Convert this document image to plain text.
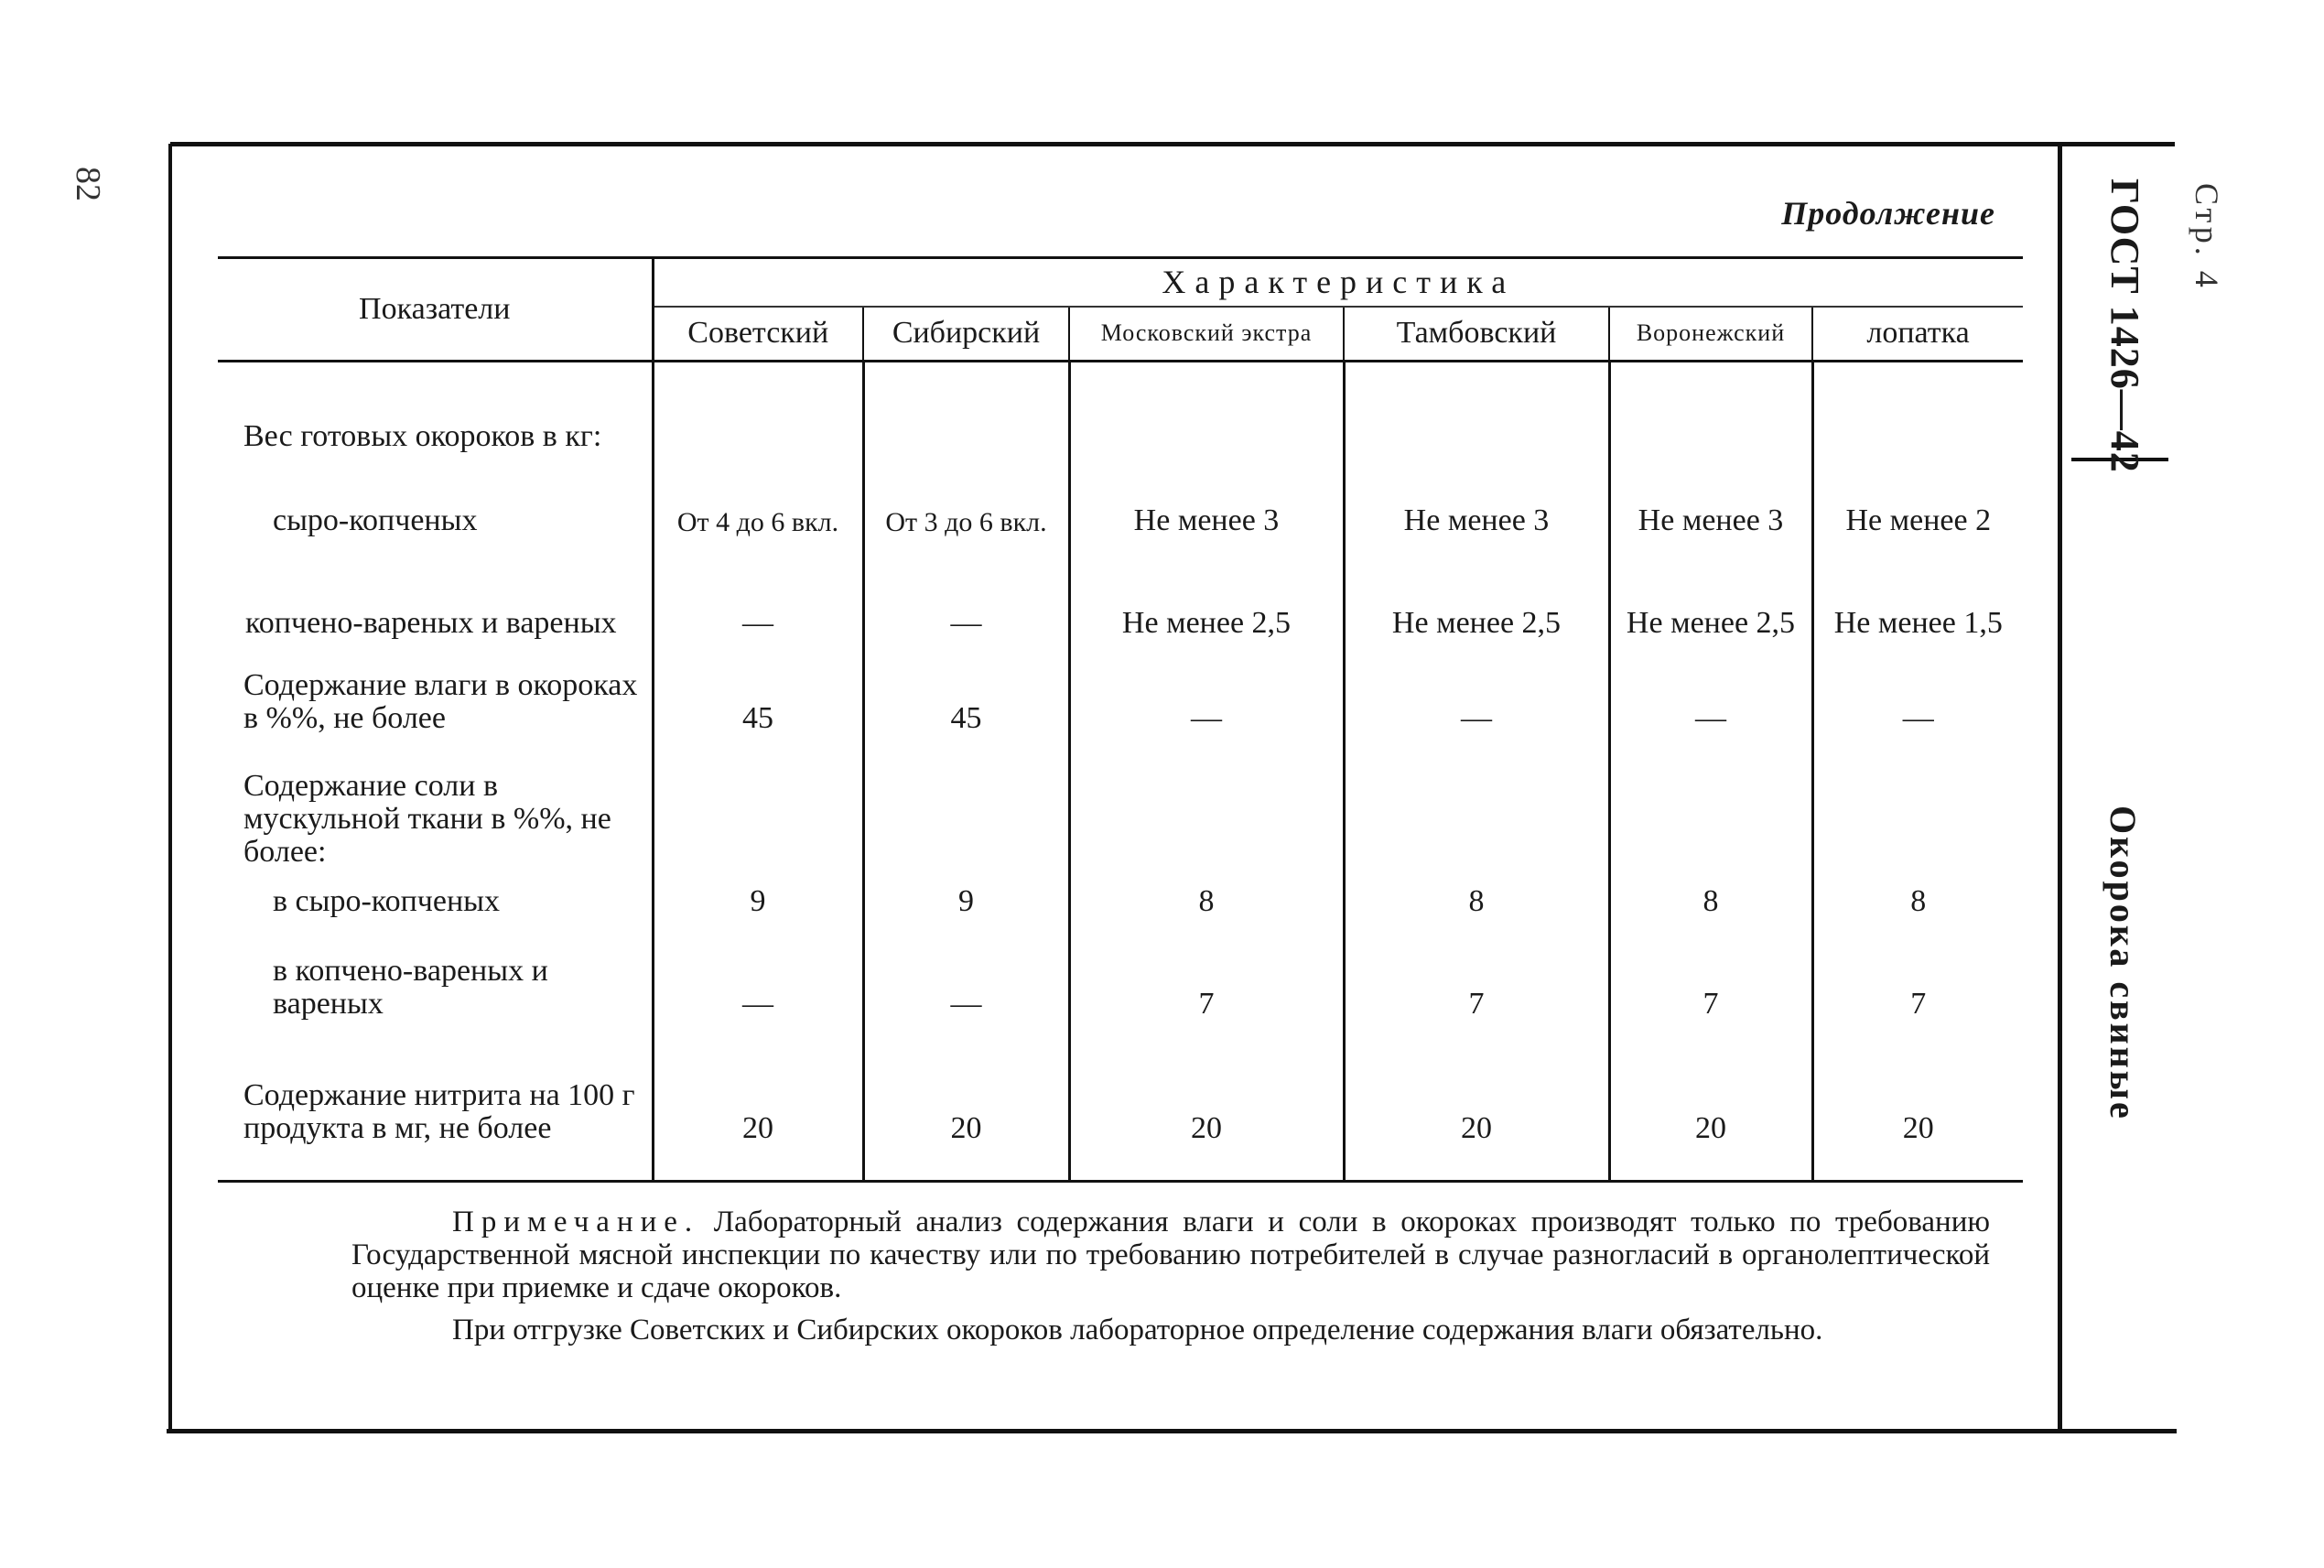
82	ГОСТ 1426—42 Стр. 4
Окорока свиные
Продолжение
Показатели	Характеристика					
	Советский	Сибирский	Московский экстра	Тамбовский	Воронежский	лопатка
Вес готовых окороков в кг:						
сыро-копченых	От 4 до 6 вкл.	От 3 до 6 вкл.	Не менее 3	Не менее 3	Не менее 3	Не менее 2
копчено-вареных и вареных	—	—	Не менее 2,5	Не менее 2,5	Не менее 2,5	Не менее 1,5
Содержание влаги в окороках в %%, не более	45	45	—	—	—	—
Содержание соли в мускульной ткани в %%, не более:						
в сыро-копченых	9	9	8	8	8	8
в копчено-вареных и вареных	—	—	7	7	7	7
Содержание нитрита на 100 г продукта в мг, не более	20	20	20	20	20	20

Примечание. Лабораторный анализ содержания влаги и соли в окороках производят только по требованию Государственной мясной инспекции по качеству или по требованию потребителей в случае разногласий в органолептической оценке при приемке и сдаче окороков.

При отгрузке Советских и Сибирских окороков лабораторное определение содержания влаги обязательно.
